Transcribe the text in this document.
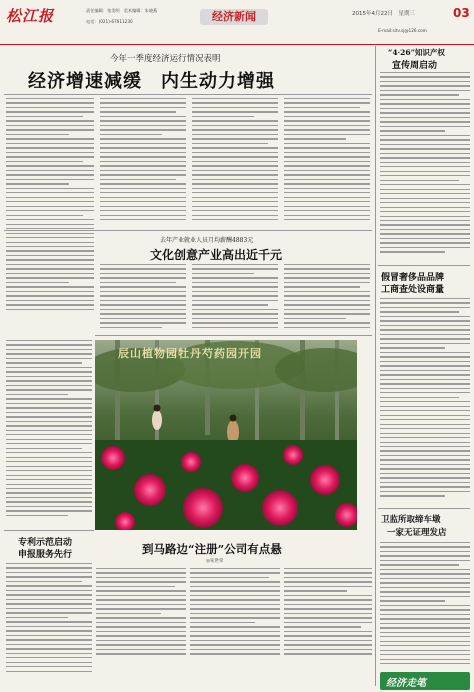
松江报	责任编辑：张美明　美术编辑：朱晓燕
电话：(021)-67611230	经济新闻	2015年4月22日　星期三	03
E-mail:sitv.sj@126.com
今年一季度经济运行情况表明
经济增速减缓　内生动力增强
去年产业就业人员月均薪酬4883元
文化创意产业高出近千元
辰山植物园牡丹芍药园开园
到马路边“注册”公司有点悬
◎朱世荣
专利示范启动
申报服务先行
“4·26”知识产权
宣传周启动
假冒奢侈品品牌
工商查处设商量
卫监所取缔车墩
一家无证理发店
经济走笔
